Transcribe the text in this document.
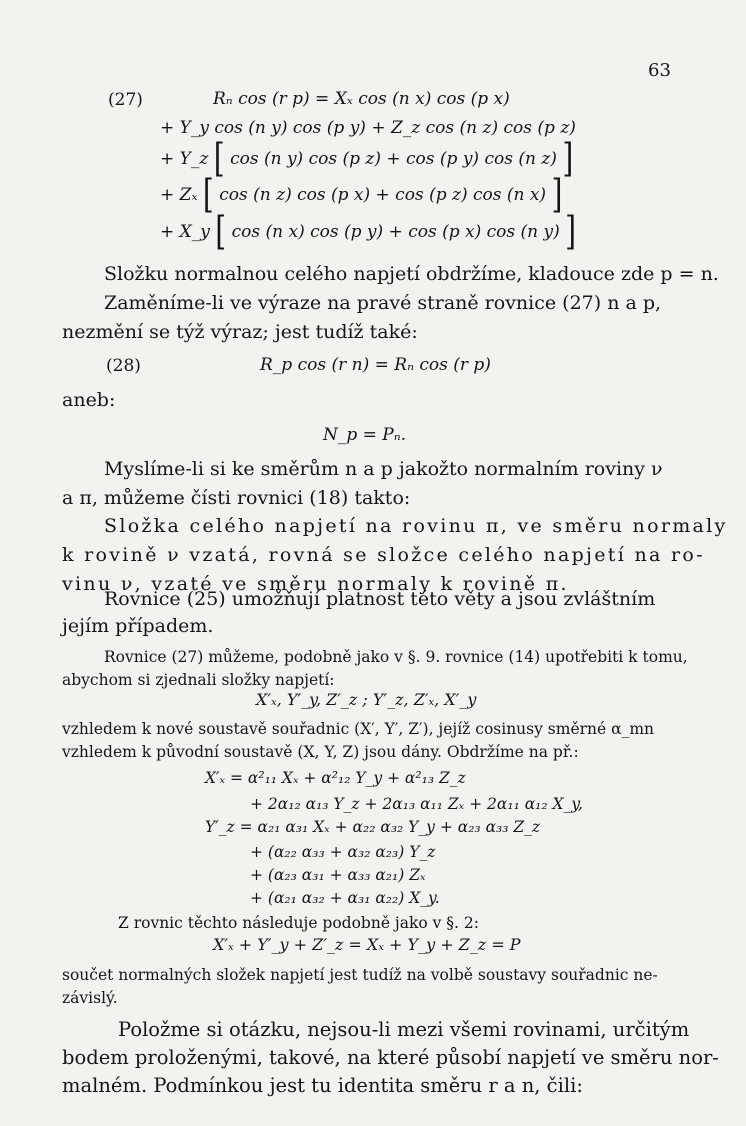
63
(27)	Rₙ cos (r p) = Xₓ cos (n x) cos (p x)
+ Y_y cos (n y) cos (p y) + Z_z cos (n z) cos (p z)
+ Y_z [ cos (n y) cos (p z) + cos (p y) cos (n z) ]
+ Zₓ [ cos (n z) cos (p x) + cos (p z) cos (n x) ]
+ X_y [ cos (n x) cos (p y) + cos (p x) cos (n y) ]
Složku normalnou celého napjetí obdržíme, kladouce zde p = n.
Zaměníme-li ve výraze na pravé straně rovnice (27) n a p,
nezmění se týž výraz; jest tudíž také:
(28)	R_p cos (r n) = Rₙ cos (r p)
aneb:
N_p = Pₙ.
Myslíme-li si ke směrům n a p jakožto normalním roviny ν
a π, můžeme čísti rovnici (18) takto:
Složka celého napjetí na rovinu π, ve směru normaly
k rovině ν vzatá, rovná se složce celého napjetí na ro-
vinu ν, vzaté ve směru normaly k rovině π.
Rovnice (25) umožňují platnost této věty a jsou zvláštním
jejím případem.
Rovnice (27) můžeme, podobně jako v §. 9. rovnice (14) upotřebiti k tomu,
abychom si zjednali složky napjetí:
X′ₓ, Y′_y, Z′_z ; Y′_z, Z′ₓ, X′_y
vzhledem k nové soustavě souřadnic (X′, Y′, Z′), jejíž cosinusy směrné α_mn
vzhledem k původní soustavě (X, Y, Z) jsou dány. Obdržíme na př.:
X′ₓ = α²₁₁ Xₓ + α²₁₂ Y_y + α²₁₃ Z_z
+ 2α₁₂ α₁₃ Y_z + 2α₁₃ α₁₁ Zₓ + 2α₁₁ α₁₂ X_y,
Y′_z = α₂₁ α₃₁ Xₓ + α₂₂ α₃₂ Y_y + α₂₃ α₃₃ Z_z
+ (α₂₂ α₃₃ + α₃₂ α₂₃) Y_z
+ (α₂₃ α₃₁ + α₃₃ α₂₁) Zₓ
+ (α₂₁ α₃₂ + α₃₁ α₂₂) X_y.
Z rovnic těchto následuje podobně jako v §. 2:
X′ₓ + Y′_y + Z′_z = Xₓ + Y_y + Z_z = P
součet normalných složek napjetí jest tudíž na volbě soustavy souřadnic ne-
závislý.
Položme si otázku, nejsou-li mezi všemi rovinami, určitým
bodem proloženými, takové, na které působí napjetí ve směru nor-
malném. Podmínkou jest tu identita směru r a n, čili:
